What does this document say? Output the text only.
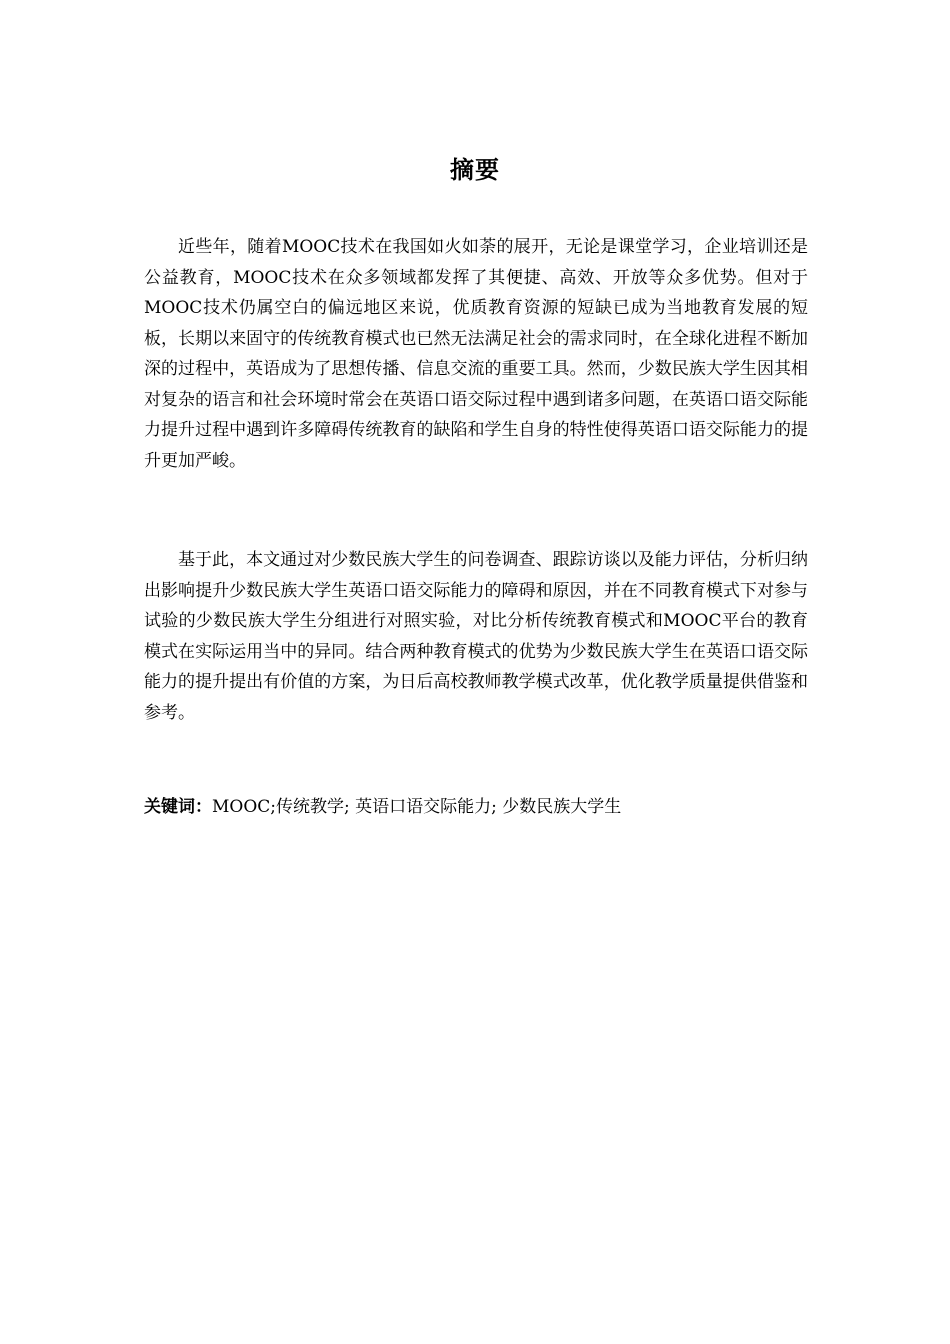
摘要

近些年，随着MOOC技术在我国如火如荼的展开，无论是课堂学习，企业培训还是公益教育，MOOC技术在众多领域都发挥了其便捷、高效、开放等众多优势。但对于MOOC技术仍属空白的偏远地区来说，优质教育资源的短缺已成为当地教育发展的短板，长期以来固守的传统教育模式也已然无法满足社会的需求同时，在全球化进程不断加深的过程中，英语成为了思想传播、信息交流的重要工具。然而，少数民族大学生因其相对复杂的语言和社会环境时常会在英语口语交际过程中遇到诸多问题，在英语口语交际能力提升过程中遇到许多障碍传统教育的缺陷和学生自身的特性使得英语口语交际能力的提升更加严峻。

基于此，本文通过对少数民族大学生的问卷调查、跟踪访谈以及能力评估，分析归纳出影响提升少数民族大学生英语口语交际能力的障碍和原因，并在不同教育模式下对参与试验的少数民族大学生分组进行对照实验，对比分析传统教育模式和MOOC平台的教育模式在实际运用当中的异同。结合两种教育模式的优势为少数民族大学生在英语口语交际能力的提升提出有价值的方案，为日后高校教师教学模式改革，优化教学质量提供借鉴和参考。

关键词：MOOC;传统教学; 英语口语交际能力; 少数民族大学生
